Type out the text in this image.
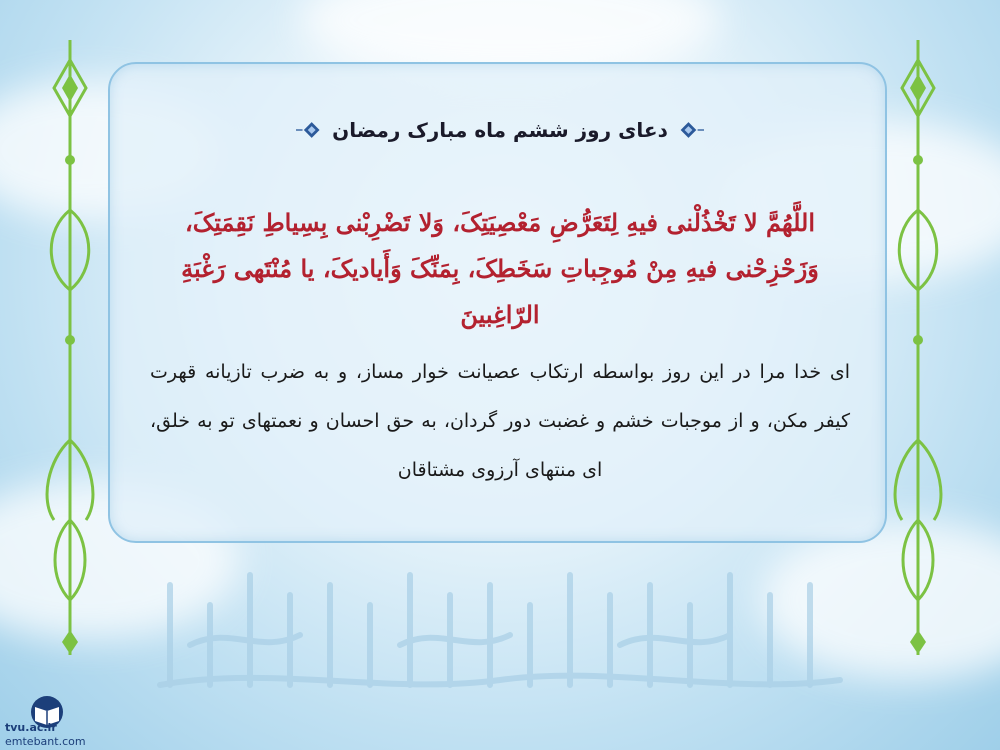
دعای روز ششم ماه مبارک رمضان
اللَّهُمَّ لا تَخْذُلْنی فیهِ لِتَعَرُّضِ مَعْصِیَتِکَ، وَلا تَضْرِبْنی بِسِیاطِ نَقِمَتِکَ،
وَزَحْزِحْنی فیهِ مِنْ مُوجِباتِ سَخَطِکَ، بِمَنِّکَ وَأَیادیکَ، یا مُنْتَهی رَغْبَةِ الرّاغِبینَ
ای خدا مرا در این روز بواسطه ارتکاب عصیانت خوار مساز، و به ضرب تازیانه قهرت کیفر مکن، و از موجبات خشم و غضبت دور گردان، به حق احسان و نعمتهای تو به خلق، ای منتهای آرزوی مشتاقان
tvu.ac.ir
emtebant.com
